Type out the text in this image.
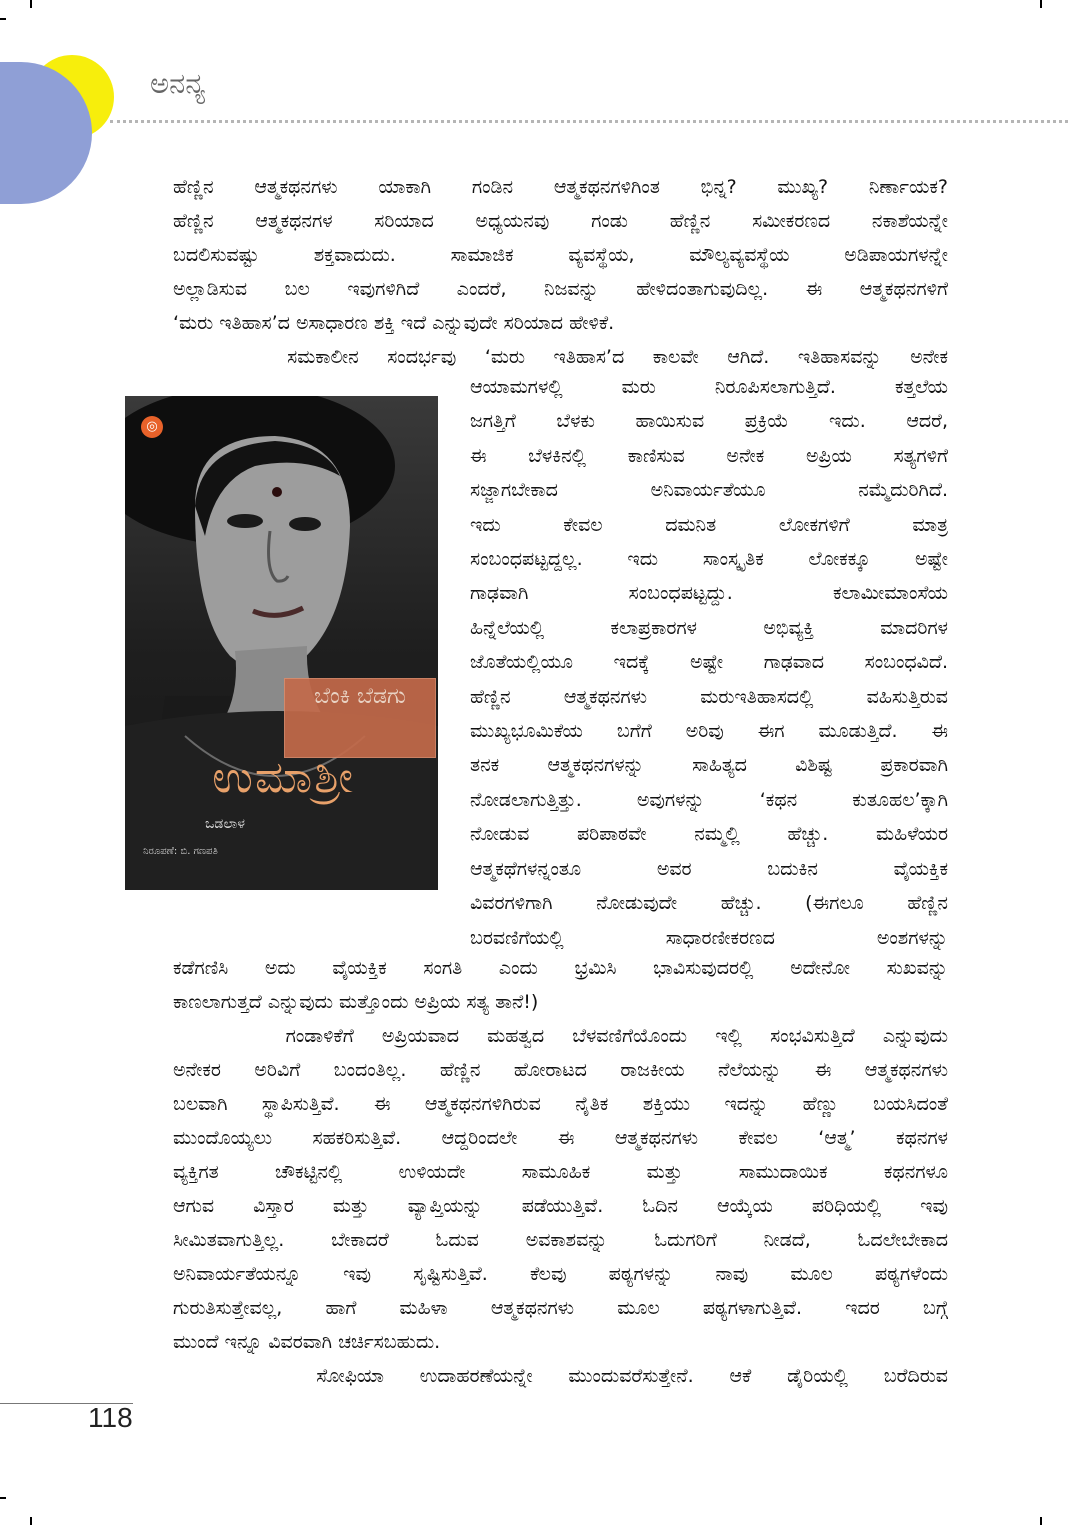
ಅನನ್ಯ

ಹೆಣ್ಣಿನ ಆತ್ಮಕಥನಗಳು ಯಾಕಾಗಿ ಗಂಡಿನ ಆತ್ಮಕಥನಗಳಿಗಿಂತ ಭಿನ್ನ? ಮುಖ್ಯ? ನಿರ್ಣಾಯಕ?

ಹೆಣ್ಣಿನ ಆತ್ಮಕಥನಗಳ ಸರಿಯಾದ ಅಧ್ಯಯನವು ಗಂಡು ಹೆಣ್ಣಿನ ಸಮೀಕರಣದ ನಕಾಶೆಯನ್ನೇ

ಬದಲಿಸುವಷ್ಟು ಶಕ್ತವಾದುದು. ಸಾಮಾಜಿಕ ವ್ಯವಸ್ಥೆಯ, ಮೌಲ್ಯವ್ಯವಸ್ಥೆಯ ಅಡಿಪಾಯಗಳನ್ನೇ

ಅಲ್ಲಾಡಿಸುವ ಬಲ ಇವುಗಳಿಗಿದೆ ಎಂದರೆ, ನಿಜವನ್ನು ಹೇಳಿದಂತಾಗುವುದಿಲ್ಲ. ಈ ಆತ್ಮಕಥನಗಳಿಗೆ

‘ಮರು ಇತಿಹಾಸ’ದ ಅಸಾಧಾರಣ ಶಕ್ತಿ ಇದೆ ಎನ್ನುವುದೇ ಸರಿಯಾದ ಹೇಳಿಕೆ.

ಸಮಕಾಲೀನ ಸಂದರ್ಭವು ‘ಮರು ಇತಿಹಾಸ’ದ ಕಾಲವೇ ಆಗಿದೆ. ಇತಿಹಾಸವನ್ನು ಅನೇಕ

◎
ಬೆಂಕಿ ಬೆಡಗು
ಉಮಾಶ್ರೀ
ಒಡಲಾಳ
ನಿರೂಪಣೆ: ಬಿ. ಗಣಪತಿ

ಆಯಾಮಗಳಲ್ಲಿ ಮರು ನಿರೂಪಿಸಲಾಗುತ್ತಿದೆ. ಕತ್ತಲೆಯ

ಜಗತ್ತಿಗೆ ಬೆಳಕು ಹಾಯಿಸುವ ಪ್ರಕ್ರಿಯೆ ಇದು. ಆದರೆ,

ಈ ಬೆಳಕಿನಲ್ಲಿ ಕಾಣಿಸುವ ಅನೇಕ ಅಪ್ರಿಯ ಸತ್ಯಗಳಿಗೆ

ಸಜ್ಜಾಗಬೇಕಾದ ಅನಿವಾರ್ಯತೆಯೂ ನಮ್ಮೆದುರಿಗಿದೆ.

ಇದು ಕೇವಲ ದಮನಿತ ಲೋಕಗಳಿಗೆ ಮಾತ್ರ

ಸಂಬಂಧಪಟ್ಟದ್ದಲ್ಲ. ಇದು ಸಾಂಸ್ಕೃತಿಕ ಲೋಕಕ್ಕೂ ಅಷ್ಟೇ

ಗಾಢವಾಗಿ ಸಂಬಂಧಪಟ್ಟದ್ದು. ಕಲಾಮೀಮಾಂಸೆಯ

ಹಿನ್ನೆಲೆಯಲ್ಲಿ ಕಲಾಪ್ರಕಾರಗಳ ಅಭಿವ್ಯಕ್ತಿ ಮಾದರಿಗಳ

ಜೊತೆಯಲ್ಲಿಯೂ ಇದಕ್ಕೆ ಅಷ್ಟೇ ಗಾಢವಾದ ಸಂಬಂಧವಿದೆ.

ಹೆಣ್ಣಿನ ಆತ್ಮಕಥನಗಳು ಮರುಇತಿಹಾಸದಲ್ಲಿ ವಹಿಸುತ್ತಿರುವ

ಮುಖ್ಯಭೂಮಿಕೆಯ ಬಗೆಗೆ ಅರಿವು ಈಗ ಮೂಡುತ್ತಿದೆ. ಈ

ತನಕ ಆತ್ಮಕಥನಗಳನ್ನು ಸಾಹಿತ್ಯದ ವಿಶಿಷ್ಟ ಪ್ರಕಾರವಾಗಿ

ನೋಡಲಾಗುತ್ತಿತ್ತು. ಅವುಗಳನ್ನು ‘ಕಥನ ಕುತೂಹಲ’ಕ್ಕಾಗಿ

ನೋಡುವ ಪರಿಪಾಠವೇ ನಮ್ಮಲ್ಲಿ ಹೆಚ್ಚು. ಮಹಿಳೆಯರ

ಆತ್ಮಕಥೆಗಳನ್ನಂತೂ ಅವರ ಬದುಕಿನ ವೈಯಕ್ತಿಕ

ವಿವರಗಳಿಗಾಗಿ ನೋಡುವುದೇ ಹೆಚ್ಚು. (ಈಗಲೂ ಹೆಣ್ಣಿನ

ಬರವಣಿಗೆಯಲ್ಲಿ ಸಾಧಾರಣೀಕರಣದ ಅಂಶಗಳನ್ನು

ಕಡೆಗಣಿಸಿ ಅದು ವೈಯಕ್ತಿಕ ಸಂಗತಿ ಎಂದು ಭ್ರಮಿಸಿ ಭಾವಿಸುವುದರಲ್ಲಿ ಅದೇನೋ ಸುಖವನ್ನು

ಕಾಣಲಾಗುತ್ತದೆ ಎನ್ನುವುದು ಮತ್ತೊಂದು ಅಪ್ರಿಯ ಸತ್ಯ ತಾನೆ!)

ಗಂಡಾಳಿಕೆಗೆ ಅಪ್ರಿಯವಾದ ಮಹತ್ವದ ಬೆಳವಣಿಗೆಯೊಂದು ಇಲ್ಲಿ ಸಂಭವಿಸುತ್ತಿದೆ ಎನ್ನುವುದು

ಅನೇಕರ ಅರಿವಿಗೆ ಬಂದಂತಿಲ್ಲ. ಹೆಣ್ಣಿನ ಹೋರಾಟದ ರಾಜಕೀಯ ನೆಲೆಯನ್ನು ಈ ಆತ್ಮಕಥನಗಳು

ಬಲವಾಗಿ ಸ್ಥಾಪಿಸುತ್ತಿವೆ. ಈ ಆತ್ಮಕಥನಗಳಿಗಿರುವ ನೈತಿಕ ಶಕ್ತಿಯು ಇದನ್ನು ಹೆಣ್ಣು ಬಯಸಿದಂತೆ

ಮುಂದೊಯ್ಯಲು ಸಹಕರಿಸುತ್ತಿವೆ. ಆದ್ದರಿಂದಲೇ ಈ ಆತ್ಮಕಥನಗಳು ಕೇವಲ ‘ಆತ್ಮ’ ಕಥನಗಳ

ವ್ಯಕ್ತಿಗತ ಚೌಕಟ್ಟಿನಲ್ಲಿ ಉಳಿಯದೇ ಸಾಮೂಹಿಕ ಮತ್ತು ಸಾಮುದಾಯಿಕ ಕಥನಗಳೂ

ಆಗುವ ವಿಸ್ತಾರ ಮತ್ತು ವ್ಯಾಪ್ತಿಯನ್ನು ಪಡೆಯುತ್ತಿವೆ. ಓದಿನ ಆಯ್ಕೆಯ ಪರಿಧಿಯಲ್ಲಿ ಇವು

ಸೀಮಿತವಾಗುತ್ತಿಲ್ಲ. ಬೇಕಾದರೆ ಓದುವ ಅವಕಾಶವನ್ನು ಓದುಗರಿಗೆ ನೀಡದೆ, ಓದಲೇಬೇಕಾದ

ಅನಿವಾರ್ಯತೆಯನ್ನೂ ಇವು ಸೃಷ್ಟಿಸುತ್ತಿವೆ. ಕೆಲವು ಪಠ್ಯಗಳನ್ನು ನಾವು ಮೂಲ ಪಠ್ಯಗಳೆಂದು

ಗುರುತಿಸುತ್ತೇವಲ್ಲ, ಹಾಗೆ ಮಹಿಳಾ ಆತ್ಮಕಥನಗಳು ಮೂಲ ಪಠ್ಯಗಳಾಗುತ್ತಿವೆ. ಇದರ ಬಗ್ಗೆ

ಮುಂದೆ ಇನ್ನೂ ವಿವರವಾಗಿ ಚರ್ಚಿಸಬಹುದು.

ಸೋಫಿಯಾ ಉದಾಹರಣೆಯನ್ನೇ ಮುಂದುವರೆಸುತ್ತೇನೆ. ಆಕೆ ಡೈರಿಯಲ್ಲಿ ಬರೆದಿರುವ

118
